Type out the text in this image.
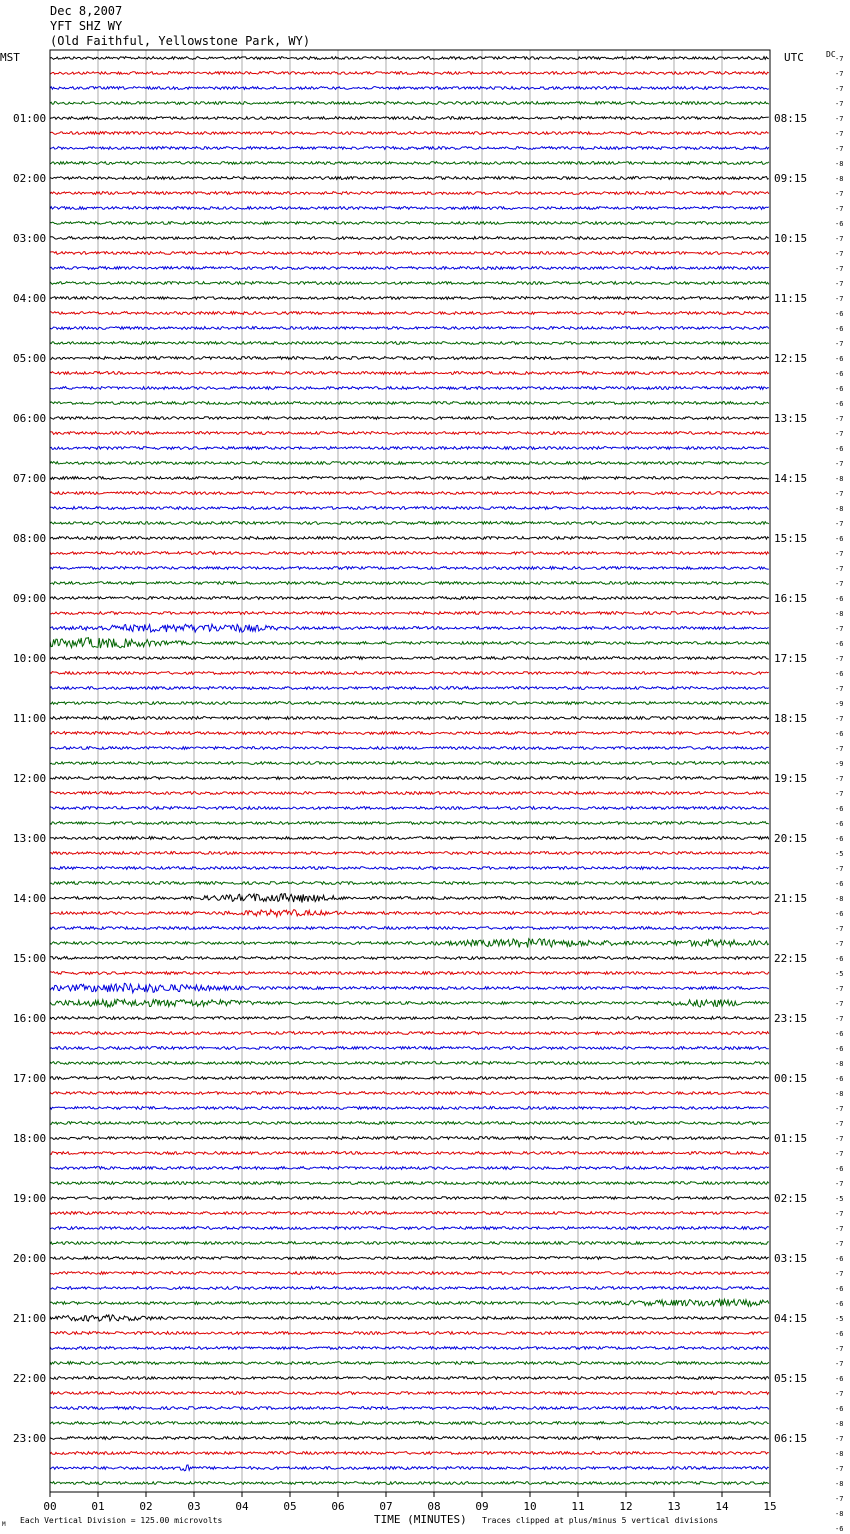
Dec 8,2007
YFT SHZ WY
(Old Faithful, Yellowstone Park, WY)
01:00
02:00
03:00
04:00
05:00
06:00
07:00
08:00
09:00
10:00
11:00
12:00
13:00
14:00
15:00
16:00
17:00
18:00
19:00
20:00
21:00
22:00
23:00
08:15
09:15
10:15
11:15
12:15
13:15
14:15
15:15
16:15
17:15
18:15
19:15
20:15
21:15
22:15
23:15
00:15
01:15
02:15
03:15
04:15
05:15
06:15
-7
-7
-7
-7
-7
-7
-7
-8
-8
-7
-7
-6
-7
-7
-7
-7
-7
-6
-6
-7
-6
-6
-6
-6
-7
-7
-6
-7
-8
-7
-8
-7
-6
-7
-7
-7
-6
-8
-7
-6
-7
-6
-7
-9
-7
-6
-7
-9
-7
-7
-6
-6
-6
-5
-7
-6
-8
-6
-7
-7
-6
-5
-7
-7
-7
-6
-6
-8
-6
-8
-7
-7
-7
-7
-6
-7
-5
-7
-7
-7
-6
-7
-6
-6
-5
-6
-7
-7
-6
-7
-6
-8
-7
-8
-7
-8
-7
-8
-6
00	01	02	03	04	05	06	07	08	09	10	11	12	13	14	15
MST	UTC	DC
TIME (MINUTES)
Each Vertical Division = 125.00 microvolts	Traces clipped at plus/minus 5 vertical divisions
M
